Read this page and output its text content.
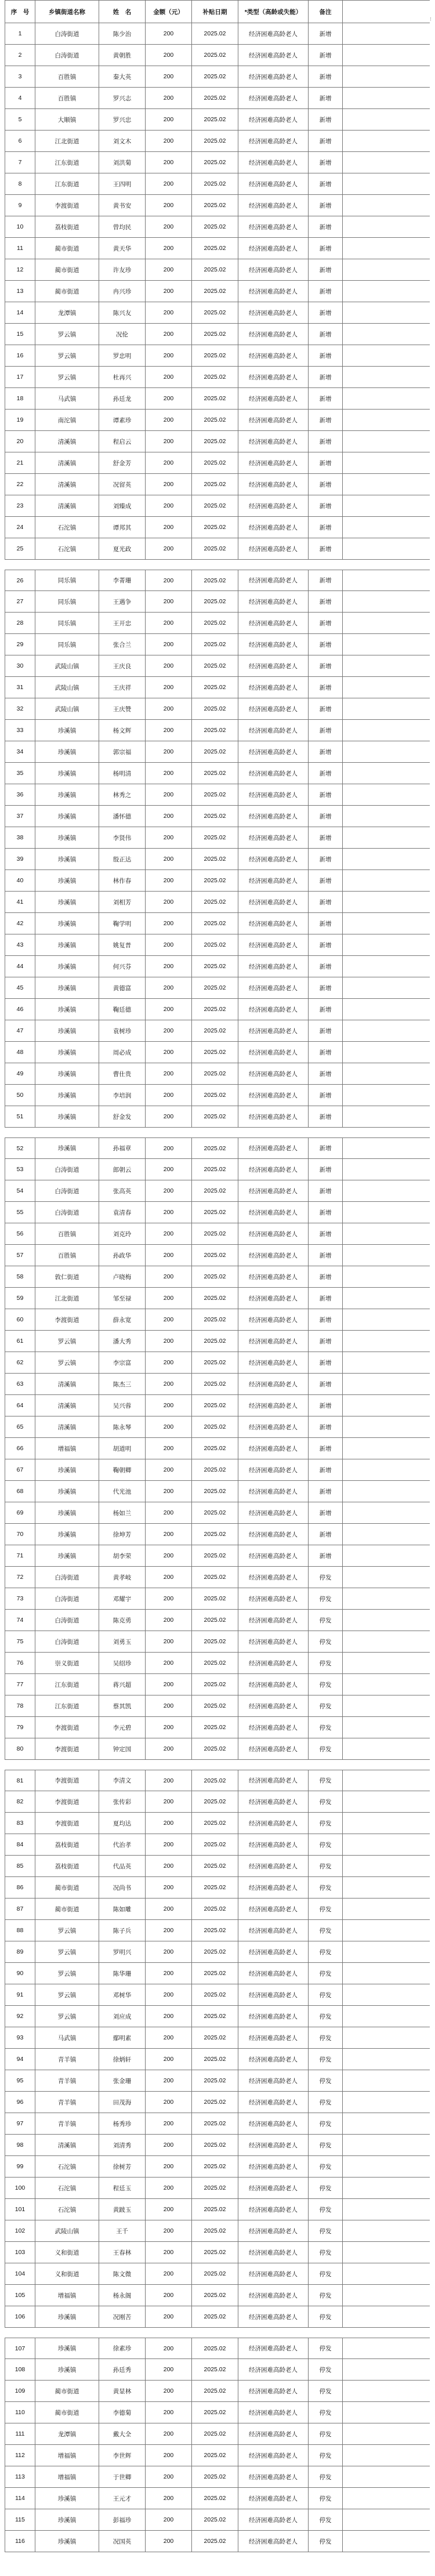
序　号	乡镇街道名称	姓　名	金额（元）	补贴日期	*类型（高龄或失能）	备注
1	白涛街道	陈少治	200	2025.02	经济困难高龄老人	新增
2	白涛街道	黄朝胜	200	2025.02	经济困难高龄老人	新增
3	百胜镇	秦大英	200	2025.02	经济困难高龄老人	新增
4	百胜镇	罗兴志	200	2025.02	经济困难高龄老人	新增
5	大顺镇	罗兴忠	200	2025.02	经济困难高龄老人	新增
6	江北街道	刘文木	200	2025.02	经济困难高龄老人	新增
7	江东街道	刘洪菊	200	2025.02	经济困难高龄老人	新增
8	江东街道	王四明	200	2025.02	经济困难高龄老人	新增
9	李渡街道	黄书安	200	2025.02	经济困难高龄老人	新增
10	荔枝街道	曾均民	200	2025.02	经济困难高龄老人	新增
11	蔺市街道	黄天华	200	2025.02	经济困难高龄老人	新增
12	蔺市街道	许友珍	200	2025.02	经济困难高龄老人	新增
13	蔺市街道	冉兴珍	200	2025.02	经济困难高龄老人	新增
14	龙潭镇	陈兴友	200	2025.02	经济困难高龄老人	新增
15	罗云镇	况伦	200	2025.02	经济困难高龄老人	新增
16	罗云镇	罗忠明	200	2025.02	经济困难高龄老人	新增
17	罗云镇	杜再兴	200	2025.02	经济困难高龄老人	新增
18	马武镇	孙廷龙	200	2025.02	经济困难高龄老人	新增
19	南沱镇	谭素珍	200	2025.02	经济困难高龄老人	新增
20	清溪镇	程启云	200	2025.02	经济困难高龄老人	新增
21	清溪镇	舒金芳	200	2025.02	经济困难高龄老人	新增
22	清溪镇	况留英	200	2025.02	经济困难高龄老人	新增
23	清溪镇	刘臻成	200	2025.02	经济困难高龄老人	新增
24	石沱镇	谭邦其	200	2025.02	经济困难高龄老人	新增
25	石沱镇	夏光政	200	2025.02	经济困难高龄老人	新增
26	同乐镇	李菁珊	200	2025.02	经济困难高龄老人	新增
27	同乐镇	王遇争	200	2025.02	经济困难高龄老人	新增
28	同乐镇	王开忠	200	2025.02	经济困难高龄老人	新增
29	同乐镇	张合兰	200	2025.02	经济困难高龄老人	新增
30	武陵山镇	王庆良	200	2025.02	经济困难高龄老人	新增
31	武陵山镇	王庆祥	200	2025.02	经济困难高龄老人	新增
32	武陵山镇	王庆赞	200	2025.02	经济困难高龄老人	新增
33	珍溪镇	杨文辉	200	2025.02	经济困难高龄老人	新增
34	珍溪镇	郭宗福	200	2025.02	经济困难高龄老人	新增
35	珍溪镇	杨明清	200	2025.02	经济困难高龄老人	新增
36	珍溪镇	林秀之	200	2025.02	经济困难高龄老人	新增
37	珍溪镇	潘怀德	200	2025.02	经济困难高龄老人	新增
38	珍溪镇	李贤伟	200	2025.02	经济困难高龄老人	新增
39	珍溪镇	殷正达	200	2025.02	经济困难高龄老人	新增
40	珍溪镇	林作春	200	2025.02	经济困难高龄老人	新增
41	珍溪镇	刘相芳	200	2025.02	经济困难高龄老人	新增
42	珍溪镇	鞠学明	200	2025.02	经济困难高龄老人	新增
43	珍溪镇	姚复普	200	2025.02	经济困难高龄老人	新增
44	珍溪镇	何兴芬	200	2025.02	经济困难高龄老人	新增
45	珍溪镇	黄德富	200	2025.02	经济困难高龄老人	新增
46	珍溪镇	鞠廷德	200	2025.02	经济困难高龄老人	新增
47	珍溪镇	袁树珍	200	2025.02	经济困难高龄老人	新增
48	珍溪镇	周必成	200	2025.02	经济困难高龄老人	新增
49	珍溪镇	曹仕贵	200	2025.02	经济困难高龄老人	新增
50	珍溪镇	李培润	200	2025.02	经济困难高龄老人	新增
51	珍溪镇	舒金发	200	2025.02	经济困难高龄老人	新增
52	珍溪镇	孙福章	200	2025.02	经济困难高龄老人	新增
53	白涛街道	郎朝云	200	2025.02	经济困难高龄老人	新增
54	白涛街道	张高英	200	2025.02	经济困难高龄老人	新增
55	白涛街道	袁清春	200	2025.02	经济困难高龄老人	新增
56	百胜镇	刘克玲	200	2025.02	经济困难高龄老人	新增
57	百胜镇	孙政华	200	2025.02	经济困难高龄老人	新增
58	敦仁街道	卢晓梅	200	2025.02	经济困难高龄老人	新增
59	江北街道	邹至禄	200	2025.02	经济困难高龄老人	新增
60	李渡街道	薛永宽	200	2025.02	经济困难高龄老人	新增
61	罗云镇	潘大秀	200	2025.02	经济困难高龄老人	新增
62	罗云镇	李宗富	200	2025.02	经济困难高龄老人	新增
63	清溪镇	陈杰三	200	2025.02	经济困难高龄老人	新增
64	清溪镇	吴兴蓉	200	2025.02	经济困难高龄老人	新增
65	清溪镇	陈永琴	200	2025.02	经济困难高龄老人	新增
66	增福镇	胡道明	200	2025.02	经济困难高龄老人	新增
67	珍溪镇	鞠朝卿	200	2025.02	经济困难高龄老人	新增
68	珍溪镇	代光池	200	2025.02	经济困难高龄老人	新增
69	珍溪镇	杨如兰	200	2025.02	经济困难高龄老人	新增
70	珍溪镇	徐坤芳	200	2025.02	经济困难高龄老人	新增
71	珍溪镇	胡李荣	200	2025.02	经济困难高龄老人	新增
72	白涛街道	黄孝岐	200	2025.02	经济困难高龄老人	停发
73	白涛街道	邓耀宇	200	2025.02	经济困难高龄老人	停发
74	白涛街道	陈克勇	200	2025.02	经济困难高龄老人	停发
75	白涛街道	刘勇玉	200	2025.02	经济困难高龄老人	停发
76	崇义街道	吴绍珍	200	2025.02	经济困难高龄老人	停发
77	江东街道	蒋兴超	200	2025.02	经济困难高龄老人	停发
78	江东街道	蔡其凯	200	2025.02	经济困难高龄老人	停发
79	李渡街道	李元碧	200	2025.02	经济困难高龄老人	停发
80	李渡街道	钟定国	200	2025.02	经济困难高龄老人	停发
81	李渡街道	李清文	200	2025.02	经济困难高龄老人	停发
82	李渡街道	张传彩	200	2025.02	经济困难高龄老人	停发
83	李渡街道	夏均达	200	2025.02	经济困难高龄老人	停发
84	荔枝街道	代治孝	200	2025.02	经济困难高龄老人	停发
85	荔枝街道	代品英	200	2025.02	经济困难高龄老人	停发
86	蔺市街道	况尚书	200	2025.02	经济困难高龄老人	停发
87	蔺市街道	陈如雕	200	2025.02	经济困难高龄老人	停发
88	罗云镇	陈子兵	200	2025.02	经济困难高龄老人	停发
89	罗云镇	罗明兴	200	2025.02	经济困难高龄老人	停发
90	罗云镇	陈华珊	200	2025.02	经济困难高龄老人	停发
91	罗云镇	邓树华	200	2025.02	经济困难高龄老人	停发
92	罗云镇	刘应成	200	2025.02	经济困难高龄老人	停发
93	马武镇	鄢明素	200	2025.02	经济困难高龄老人	停发
94	青羊镇	徐炳轩	200	2025.02	经济困难高龄老人	停发
95	青羊镇	张金珊	200	2025.02	经济困难高龄老人	停发
96	青羊镇	田茂海	200	2025.02	经济困难高龄老人	停发
97	青羊镇	杨秀珍	200	2025.02	经济困难高龄老人	停发
98	清溪镇	刘清秀	200	2025.02	经济困难高龄老人	停发
99	石沱镇	徐树芳	200	2025.02	经济困难高龄老人	停发
100	石沱镇	程廷玉	200	2025.02	经济困难高龄老人	停发
101	石沱镇	黄跛玉	200	2025.02	经济困难高龄老人	停发
102	武陵山镇	王千	200	2025.02	经济困难高龄老人	停发
103	义和街道	王春林	200	2025.02	经济困难高龄老人	停发
104	义和街道	陈文微	200	2025.02	经济困难高龄老人	停发
105	增福镇	杨永阁	200	2025.02	经济困难高龄老人	停发
106	珍溪镇	况刚苦	200	2025.02	经济困难高龄老人	停发
107	珍溪镇	徐素珍	200	2025.02	经济困难高龄老人	停发
108	珍溪镇	孙廷秀	200	2025.02	经济困难高龄老人	停发
109	蔺市街道	黄显林	200	2025.02	经济困难高龄老人	停发
110	蔺市街道	李德菊	200	2025.02	经济困难高龄老人	停发
111	龙潭镇	戴大全	200	2025.02	经济困难高龄老人	停发
112	增福镇	李世辉	200	2025.02	经济困难高龄老人	停发
113	增福镇	于世卿	200	2025.02	经济困难高龄老人	停发
114	珍溪镇	王元才	200	2025.02	经济困难高龄老人	停发
115	珍溪镇	彭福珍	200	2025.02	经济困难高龄老人	停发
116	珍溪镇	况国英	200	2025.02	经济困难高龄老人	停发
⁝
